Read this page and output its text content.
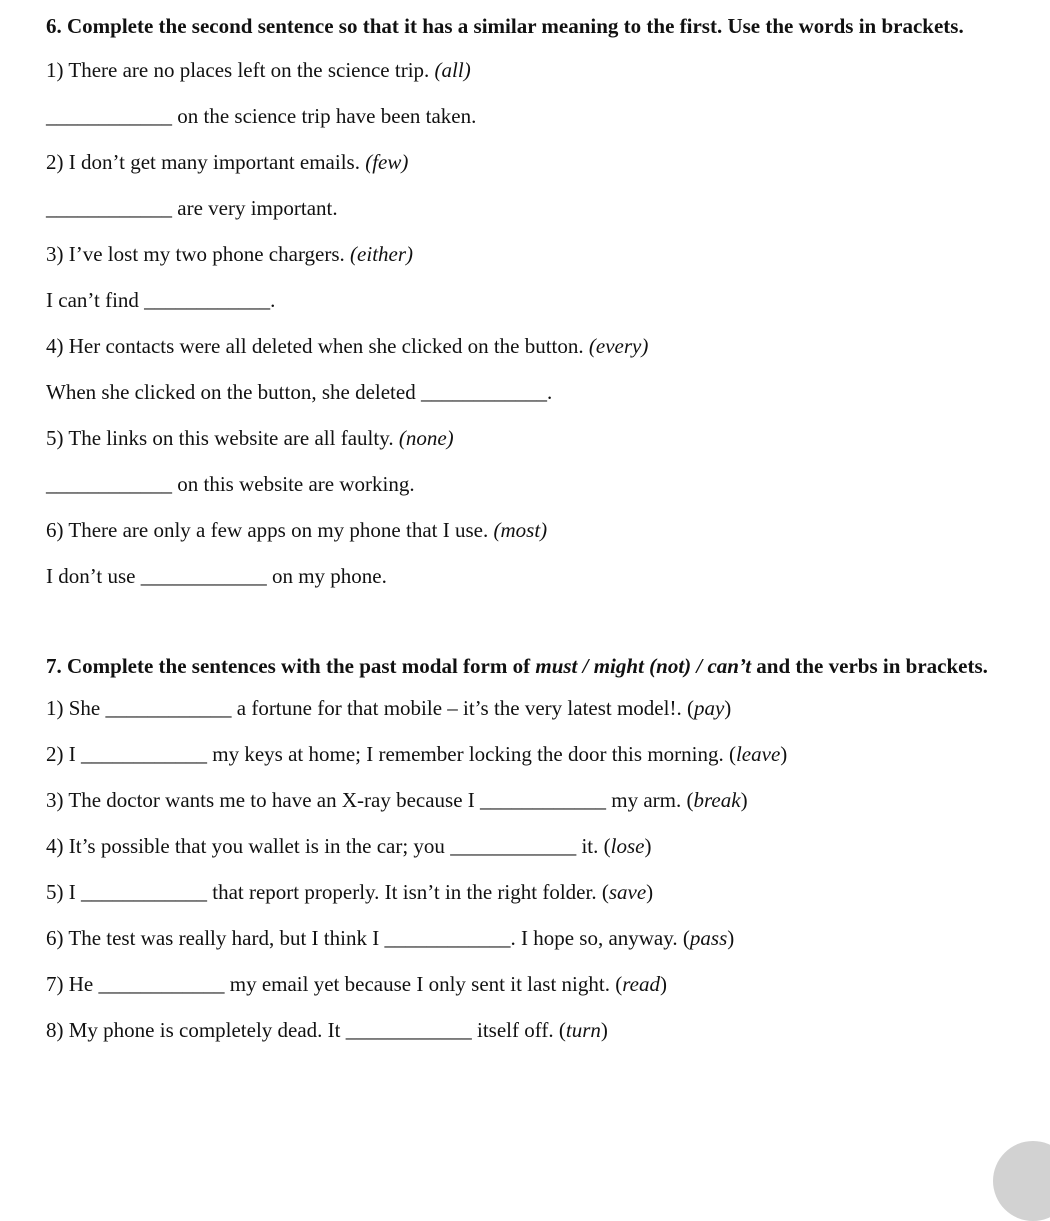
6. Complete the second sentence so that it has a similar meaning to the first. Use the words in brackets.

1) There are no places left on the science trip. (all)

____________ on the science trip have been taken.

2) I don’t get many important emails. (few)

____________ are very important.

3) I’ve lost my two phone chargers. (either)

I can’t find ____________.

4) Her contacts were all deleted when she clicked on the button. (every)

When she clicked on the button, she deleted ____________.

5) The links on this website are all faulty. (none)

____________ on this website are working.

6) There are only a few apps on my phone that I use. (most)

I don’t use ____________ on my phone.

7. Complete the sentences with the past modal form of must / might (not) / can’t and the verbs in brackets.

1) She ____________ a fortune for that mobile – it’s the very latest model!. (pay)

2) I ____________ my keys at home; I remember locking the door this morning. (leave)

3) The doctor wants me to have an X-ray because I ____________ my arm. (break)

4) It’s possible that you wallet is in the car; you ____________ it. (lose)

5) I ____________ that report properly. It isn’t in the right folder. (save)

6) The test was really hard, but I think I ____________. I hope so, anyway. (pass)

7) He ____________ my email yet because I only sent it last night. (read)

8) My phone is completely dead. It ____________ itself off. (turn)
